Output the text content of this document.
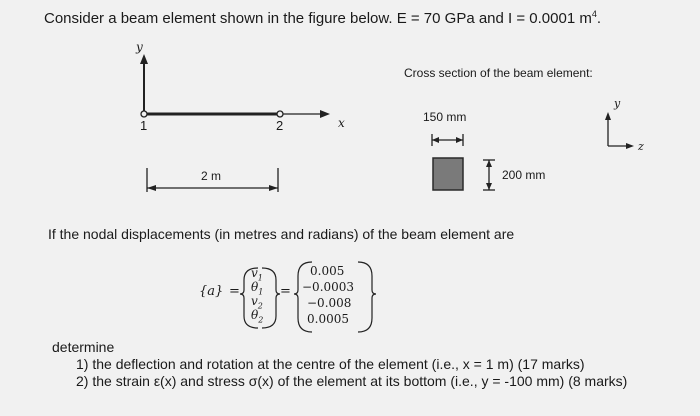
Consider a beam element shown in the figure below. E = 70 GPa and I = 0.0001 $m^4$.
y
x
1	2
2 m
Cross section of the beam element:
150 mm
200 mm
y
z
If the nodal displacements (in metres and radians) of the beam element are
{a} =	=
$v_1$
$\theta_1$
$v_2$
$\theta_2$
0.005
−0.0003
−0.008
0.0005
determine
1) the deflection and rotation at the centre of the element (i.e., x = 1 m) (17 marks)
2) the strain ε(x) and stress σ(x) of the element at its bottom (i.e., y = -100 mm) (8 marks)
